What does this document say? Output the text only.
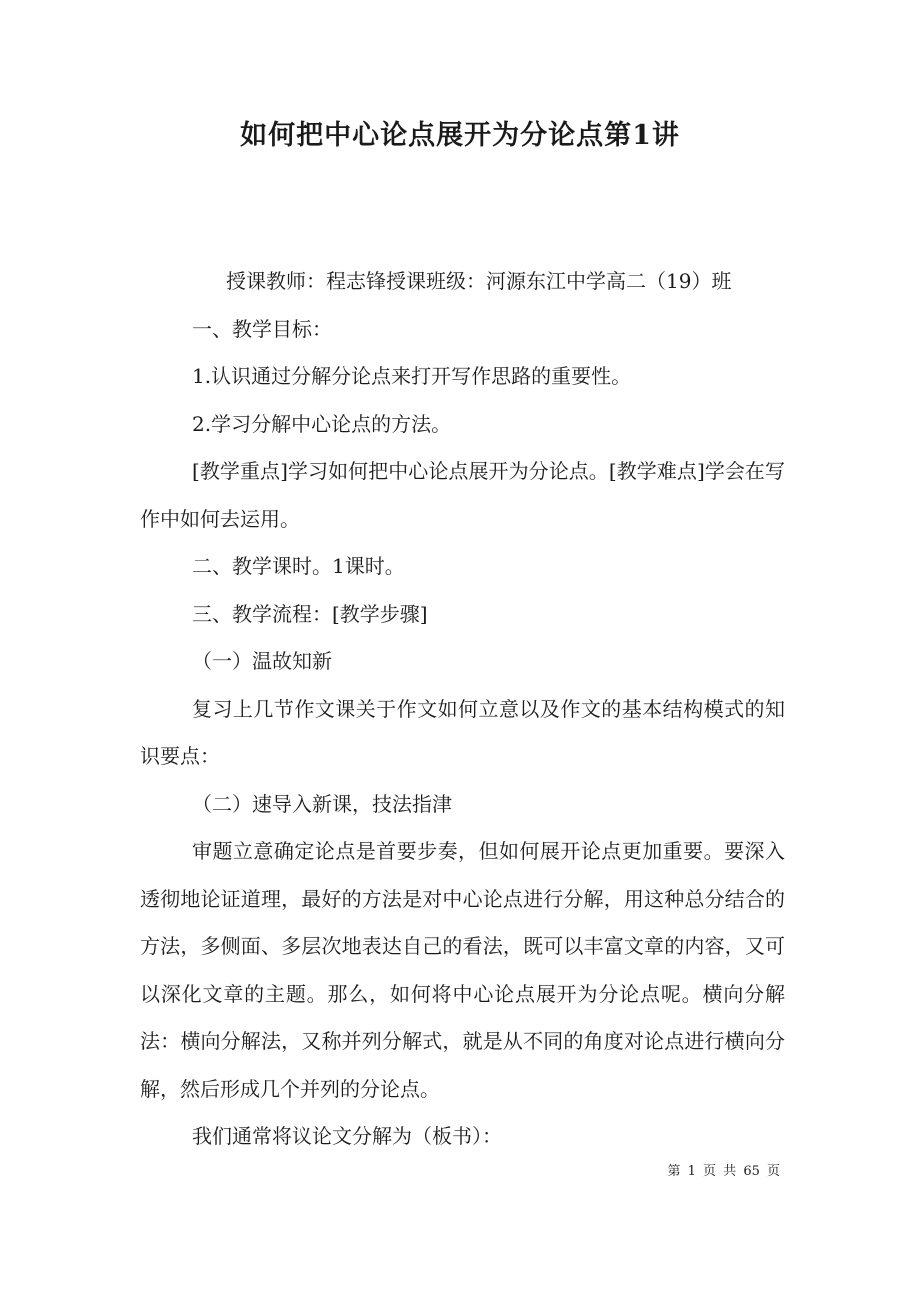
如何把中心论点展开为分论点第1讲

授课教师：程志锋授课班级：河源东江中学高二（19）班

一、教学目标：

1.认识通过分解分论点来打开写作思路的重要性。

2.学习分解中心论点的方法。

[教学重点]学习如何把中心论点展开为分论点。[教学难点]学会在写作中如何去运用。

二、教学课时。1课时。

三、教学流程：[教学步骤]

（一）温故知新

复习上几节作文课关于作文如何立意以及作文的基本结构模式的知识要点：

（二）速导入新课，技法指津

审题立意确定论点是首要步奏，但如何展开论点更加重要。要深入透彻地论证道理，最好的方法是对中心论点进行分解，用这种总分结合的方法，多侧面、多层次地表达自己的看法，既可以丰富文章的内容，又可以深化文章的主题。那么，如何将中心论点展开为分论点呢。横向分解法：横向分解法，又称并列分解式，就是从不同的角度对论点进行横向分解，然后形成几个并列的分论点。

我们通常将议论文分解为（板书）：

第 1 页 共 65 页
